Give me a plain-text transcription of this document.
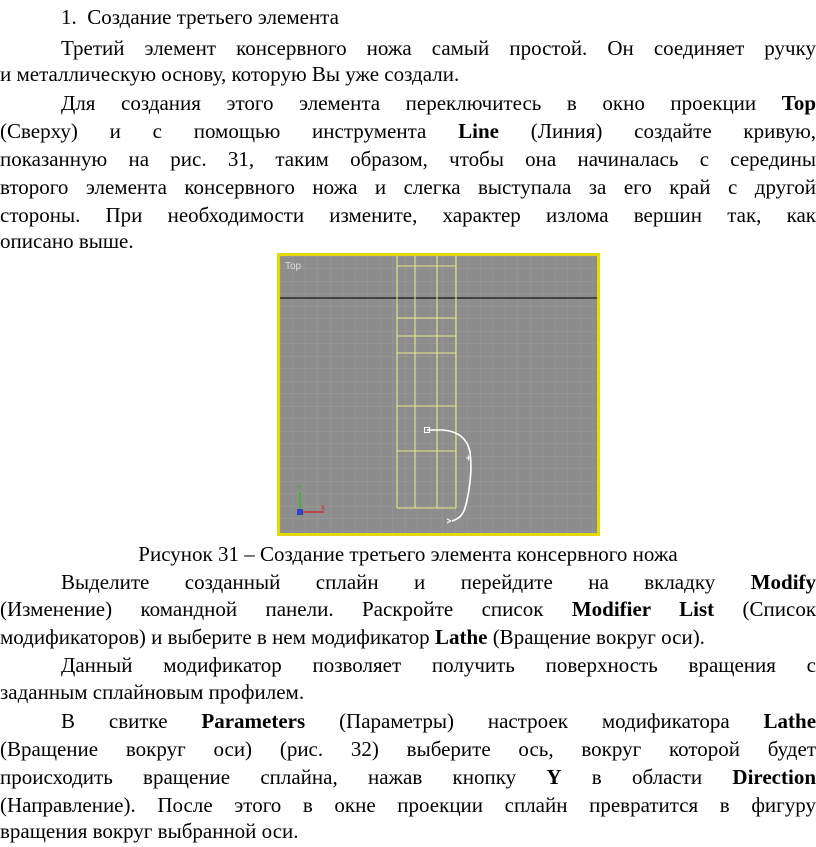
1. Создание третьего элемента
Третий элемент консервного ножа самый простой. Он соединяет ручку
и металлическую основу, которую Вы уже создали.
Для создания этого элемента переключитесь в окно проекции Top
(Сверху) и с помощью инструмента Line (Линия) создайте кривую,
показанную на рис. 31, таким образом, чтобы она начиналась с середины
второго элемента консервного ножа и слегка выступала за его край с другой
стороны. При необходимости измените, характер излома вершин так, как
описано выше.
Top
y
x
Рисунок 31 – Создание третьего элемента консервного ножа
Выделите созданный сплайн и перейдите на вкладку Modify
(Изменение) командной панели. Раскройте список Modifier List (Список
модификаторов) и выберите в нем модификатор Lathe (Вращение вокруг оси).
Данный модификатор позволяет получить поверхность вращения с
заданным сплайновым профилем.
В свитке Parameters (Параметры) настроек модификатора Lathe
(Вращение вокруг оси) (рис. 32) выберите ось, вокруг которой будет
происходить вращение сплайна, нажав кнопку Y в области Direction
(Направление). После этого в окне проекции сплайн превратится в фигуру
вращения вокруг выбранной оси.
